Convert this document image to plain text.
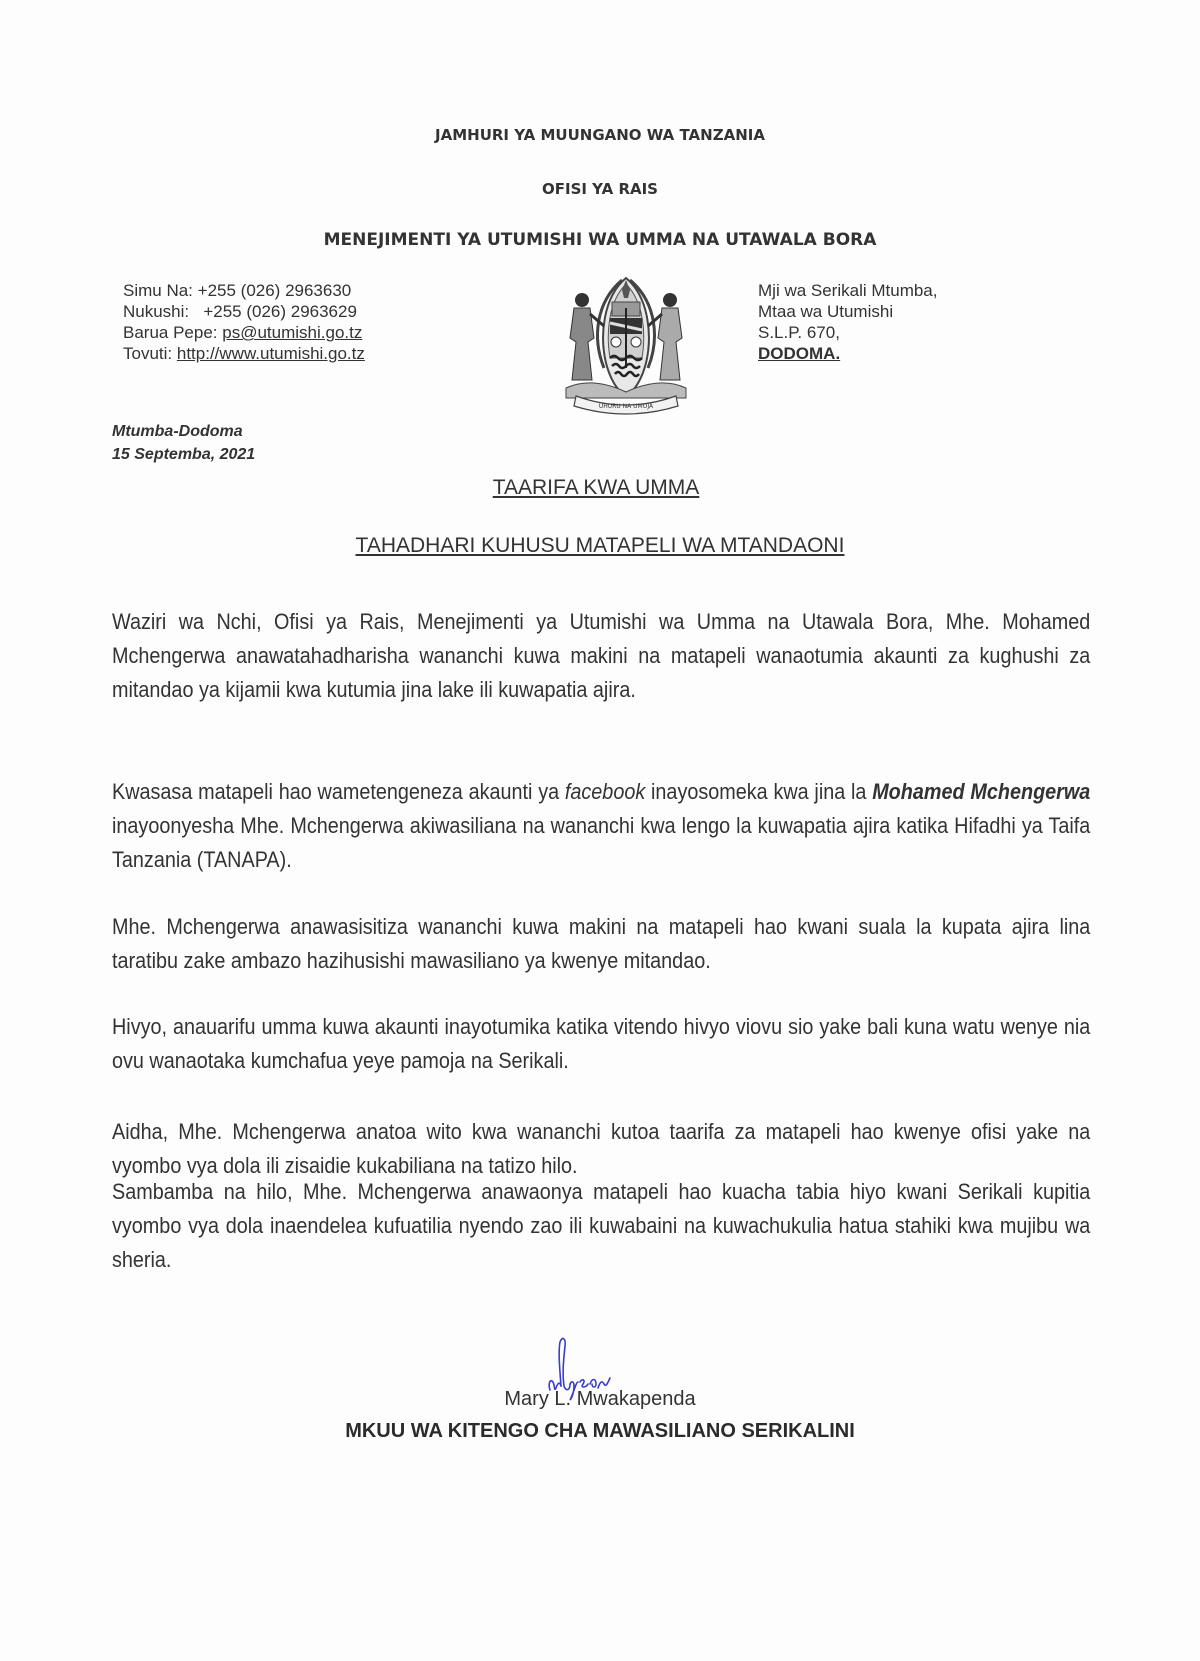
JAMHURI YA MUUNGANO WA TANZANIA
OFISI YA RAIS
MENEJIMENTI YA UTUMISHI WA UMMA NA UTAWALA BORA
Simu Na: +255 (026) 2963630
Nukushi:   +255 (026) 2963629
Barua Pepe: ps@utumishi.go.tz
Tovuti: http://www.utumishi.go.tz
UHURU NA UMOJA
Mji wa Serikali Mtumba,
Mtaa wa Utumishi
S.L.P. 670,
DODOMA.
Mtumba-Dodoma
15 Septemba, 2021
TAARIFA KWA UMMA
TAHADHARI KUHUSU MATAPELI WA MTANDAONI

Waziri wa Nchi, Ofisi ya Rais, Menejimenti ya Utumishi wa Umma na Utawala Bora, Mhe. Mohamed Mchengerwa anawatahadharisha wananchi kuwa makini na matapeli wanaotumia akaunti za kughushi za mitandao ya kijamii kwa kutumia jina lake ili kuwapatia ajira.

Kwasasa matapeli hao wametengeneza akaunti ya facebook inayosomeka kwa jina la Mohamed Mchengerwa inayoonyesha Mhe. Mchengerwa akiwasiliana na wananchi kwa lengo la kuwapatia ajira katika Hifadhi ya Taifa Tanzania (TANAPA).

Mhe. Mchengerwa anawasisitiza wananchi kuwa makini na matapeli hao kwani suala la kupata ajira lina taratibu zake ambazo hazihusishi mawasiliano ya kwenye mitandao.

Hivyo, anauarifu umma kuwa akaunti inayotumika katika vitendo hivyo viovu sio yake bali kuna watu wenye nia ovu wanaotaka kumchafua yeye pamoja na Serikali.

Aidha, Mhe. Mchengerwa anatoa wito kwa wananchi kutoa taarifa za matapeli hao kwenye ofisi yake na vyombo vya dola ili zisaidie kukabiliana na tatizo hilo.

Sambamba na hilo, Mhe. Mchengerwa anawaonya matapeli hao kuacha tabia hiyo kwani Serikali kupitia vyombo vya dola inaendelea kufuatilia nyendo zao ili kuwabaini na kuwachukulia hatua stahiki kwa mujibu wa sheria.

Mary L. Mwakapenda
MKUU WA KITENGO CHA MAWASILIANO SERIKALINI
